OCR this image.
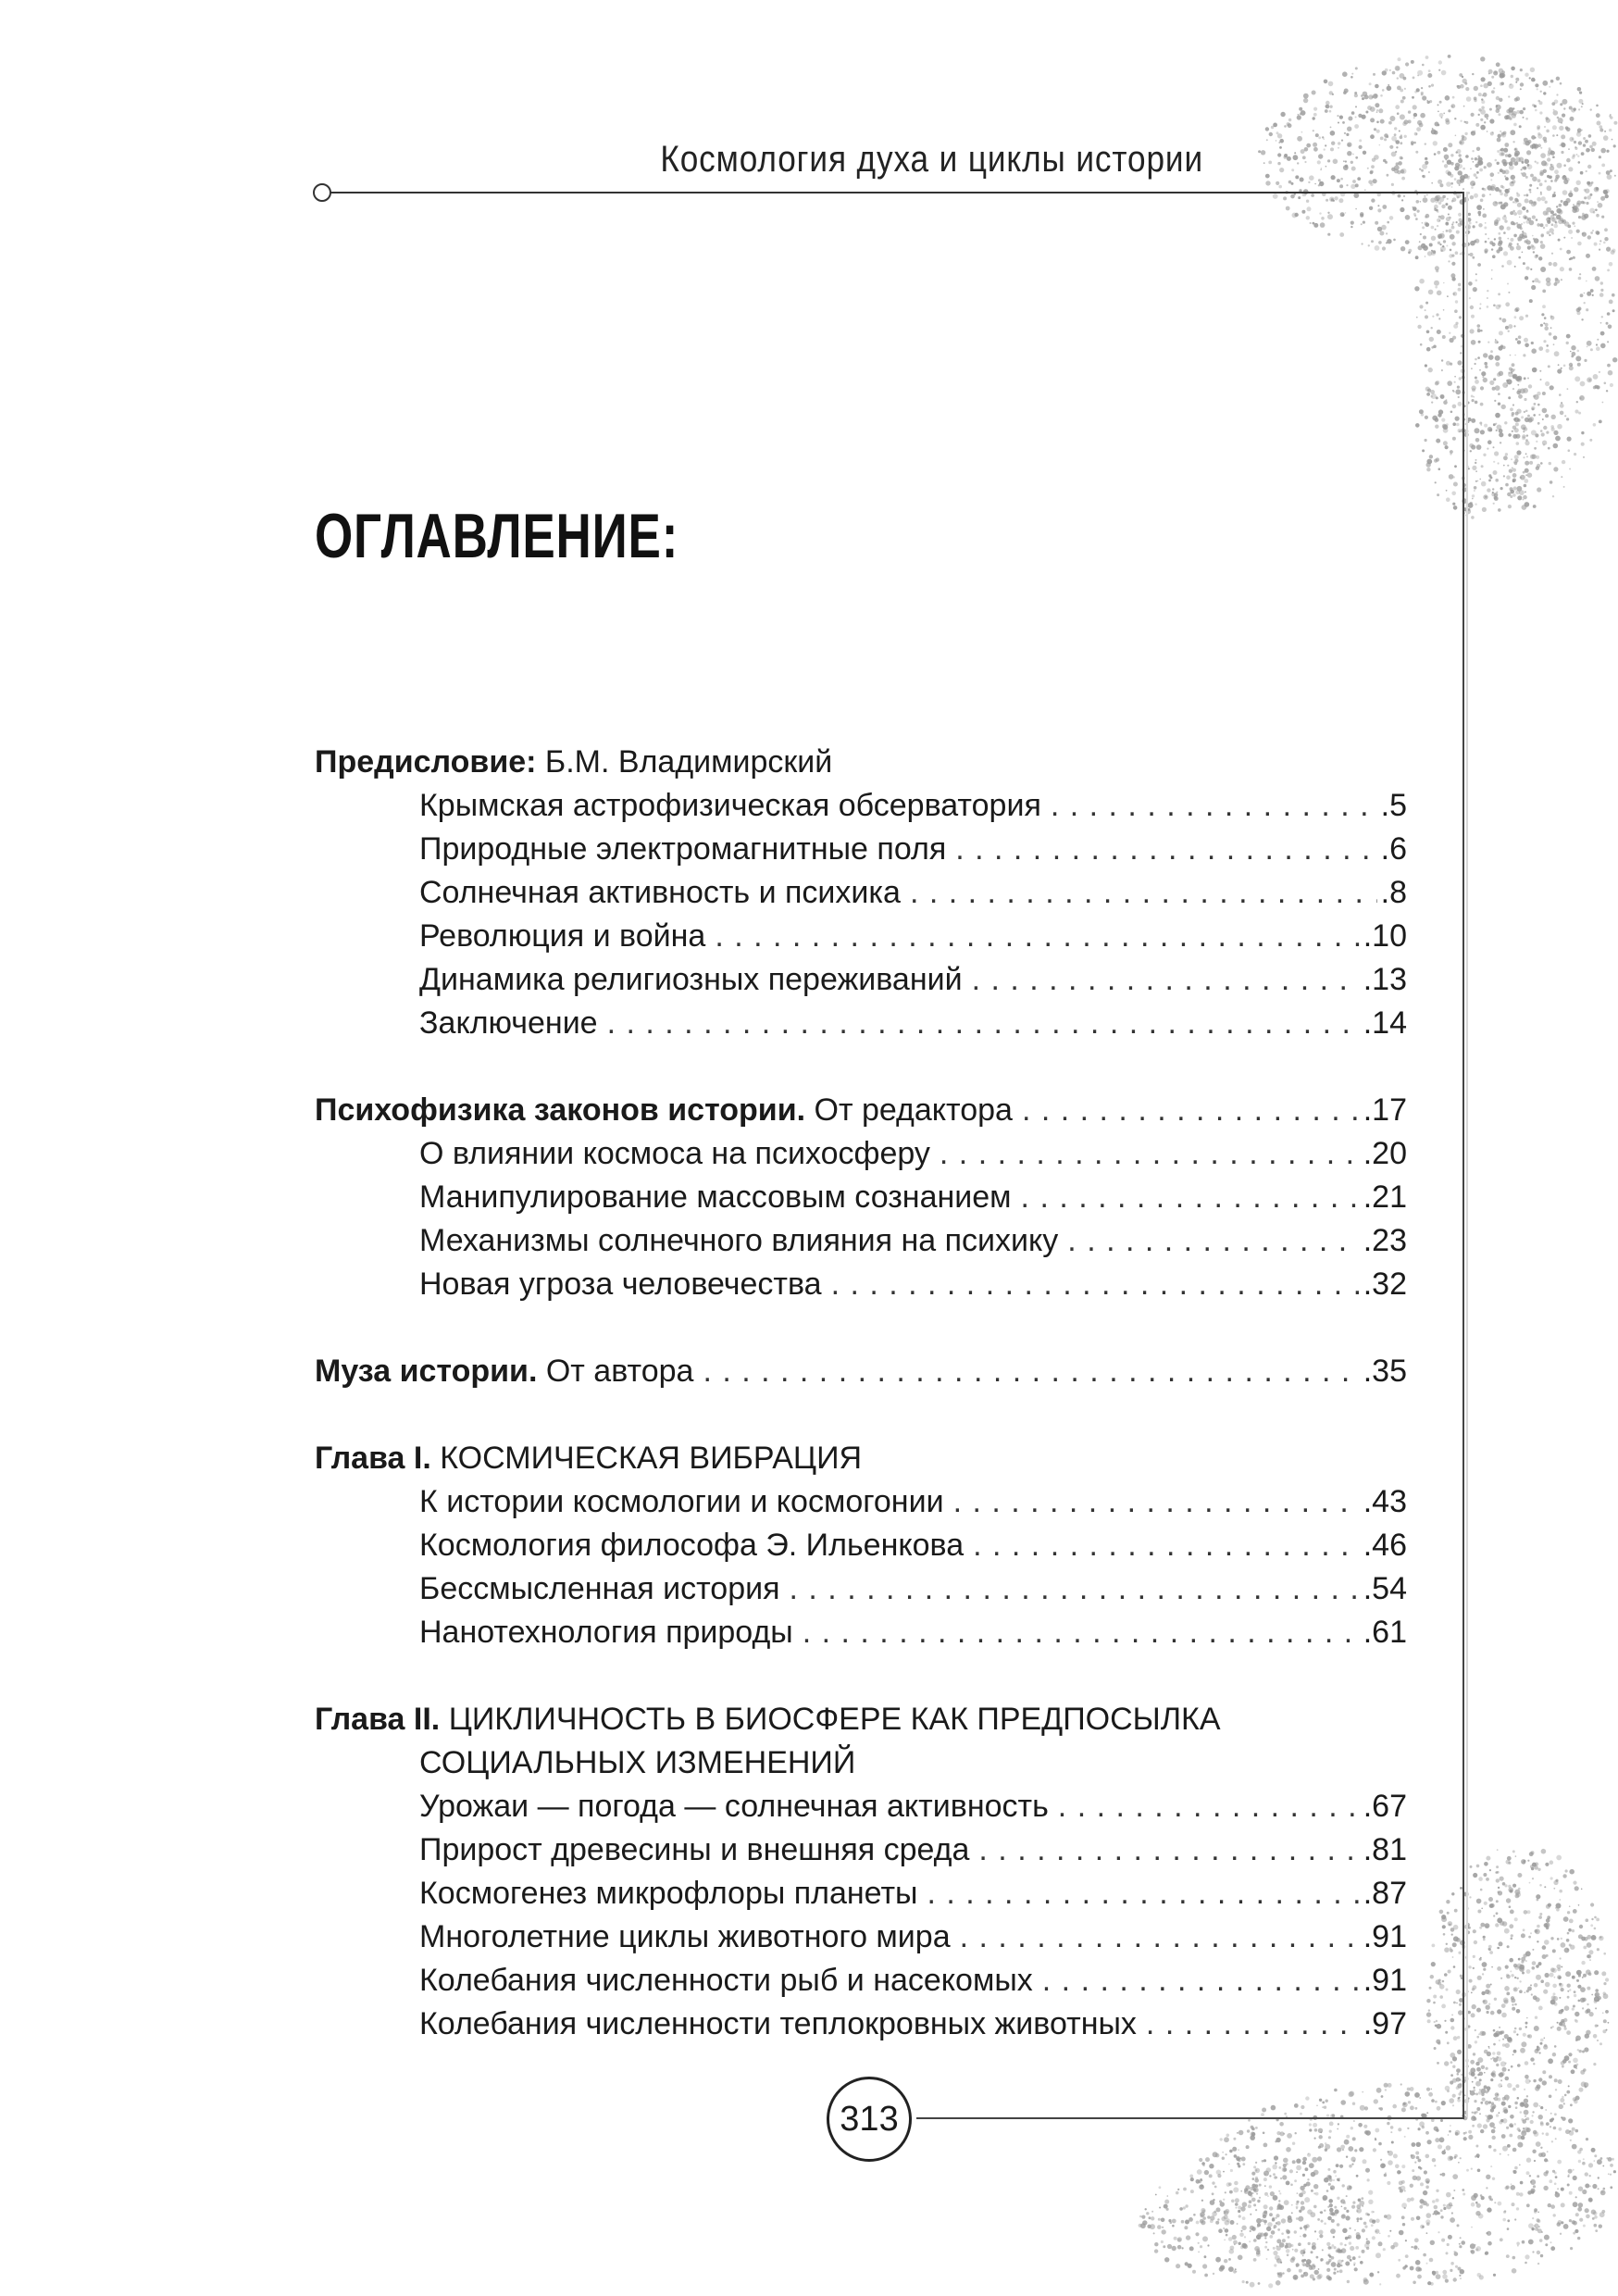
Космология духа и циклы истории
ОГЛАВЛЕНИЕ:
Предисловие: Б.М. Владимирский
Крымская астрофизическая обсерватория . . .	.5
Природные электромагнитные поля . . .	.6
Солнечная активность и психика . . .	.8
Революция и война . . .	.10
Динамика религиозных переживаний . . .	.13
Заключение . . .	.14
Психофизика законов истории. От редактора . . .	.17
О влиянии космоса на психосферу . . .	.20
Манипулирование массовым сознанием . . .	.21
Механизмы солнечного влияния на психику . . .	.23
Новая угроза человечества . . .	.32
Муза истории. От автора . . .	.35
Глава I. КОСМИЧЕСКАЯ ВИБРАЦИЯ
К истории космологии и космогонии . . .	.43
Космология философа Э. Ильенкова . . .	.46
Бессмысленная история . . .	.54
Нанотехнология природы . . .	.61
Глава II. ЦИКЛИЧНОСТЬ В БИОСФЕРЕ КАК ПРЕДПОСЫЛКА
СОЦИАЛЬНЫХ ИЗМЕНЕНИЙ
Урожаи — погода — солнечная активность . . .	.67
Прирост древесины и внешняя среда . . .	.81
Космогенез микрофлоры планеты . . .	.87
Многолетние циклы животного мира . . .	.91
Колебания численности рыб и насекомых . . .	.91
Колебания численности теплокровных животных . . .	.97
313
